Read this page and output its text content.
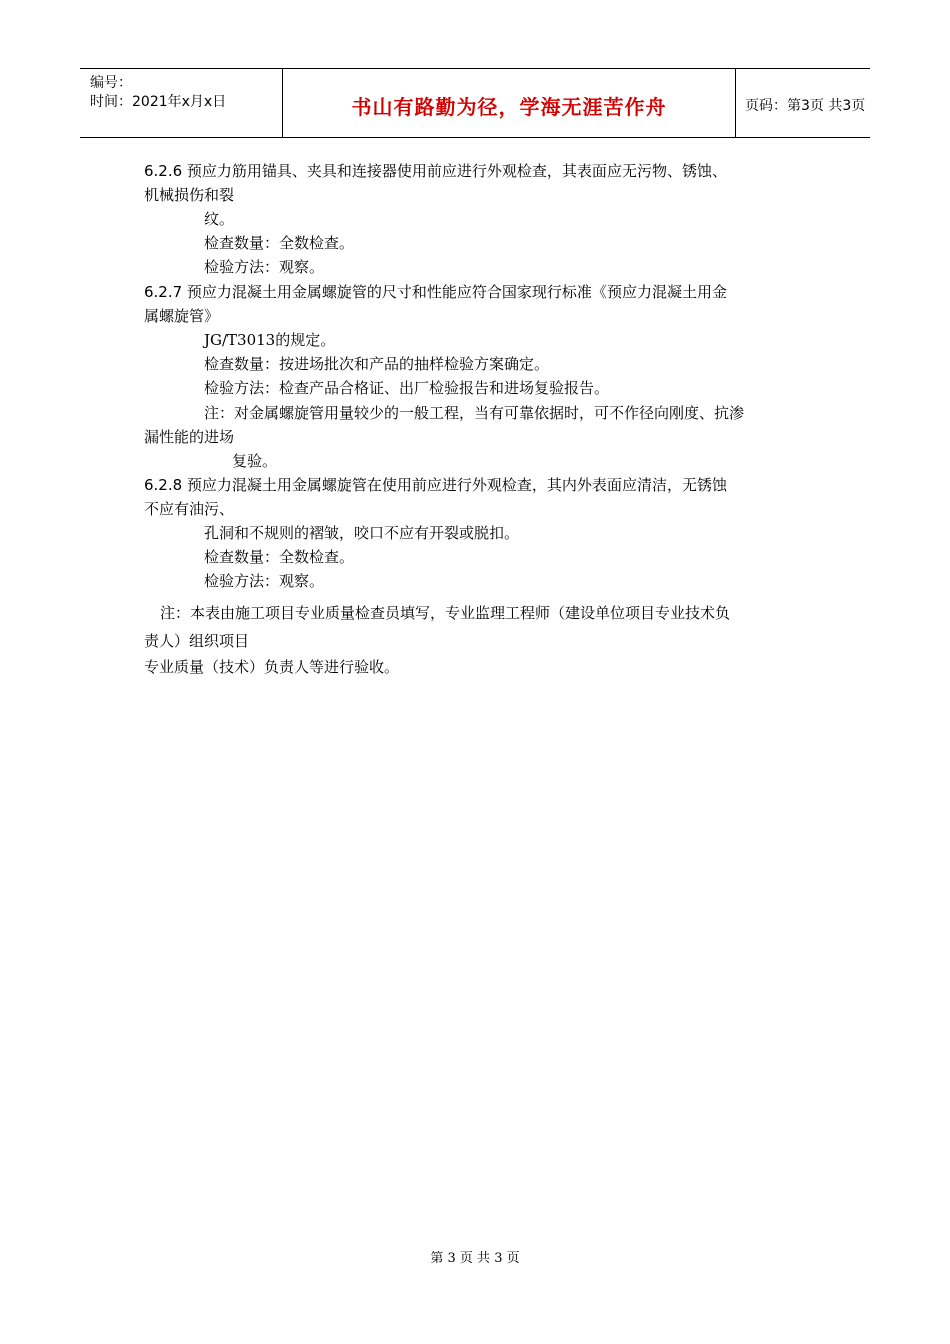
编号：
时间：2021年x月x日	书山有路勤为径，学海无涯苦作舟	页码：第3页 共3页
6.2.6 预应力筋用锚具、夹具和连接器使用前应进行外观检查，其表面应无污物、锈蚀、
机械损伤和裂
纹。
检查数量：全数检查。
检验方法：观察。
6.2.7 预应力混凝土用金属螺旋管的尺寸和性能应符合国家现行标准《预应力混凝土用金
属螺旋管》
JG/T3013的规定。
检查数量：按进场批次和产品的抽样检验方案确定。
检验方法：检查产品合格证、出厂检验报告和进场复验报告。
注：对金属螺旋管用量较少的一般工程，当有可靠依据时，可不作径向刚度、抗渗
漏性能的进场
复验。
6.2.8 预应力混凝土用金属螺旋管在使用前应进行外观检查，其内外表面应清洁，无锈蚀
不应有油污、
孔洞和不规则的褶皱，咬口不应有开裂或脱扣。
检查数量：全数检查。
检验方法：观察。
注：本表由施工项目专业质量检查员填写，专业监理工程师（建设单位项目专业技术负
责人）组织项目
专业质量（技术）负责人等进行验收。
第 3 页 共 3 页
